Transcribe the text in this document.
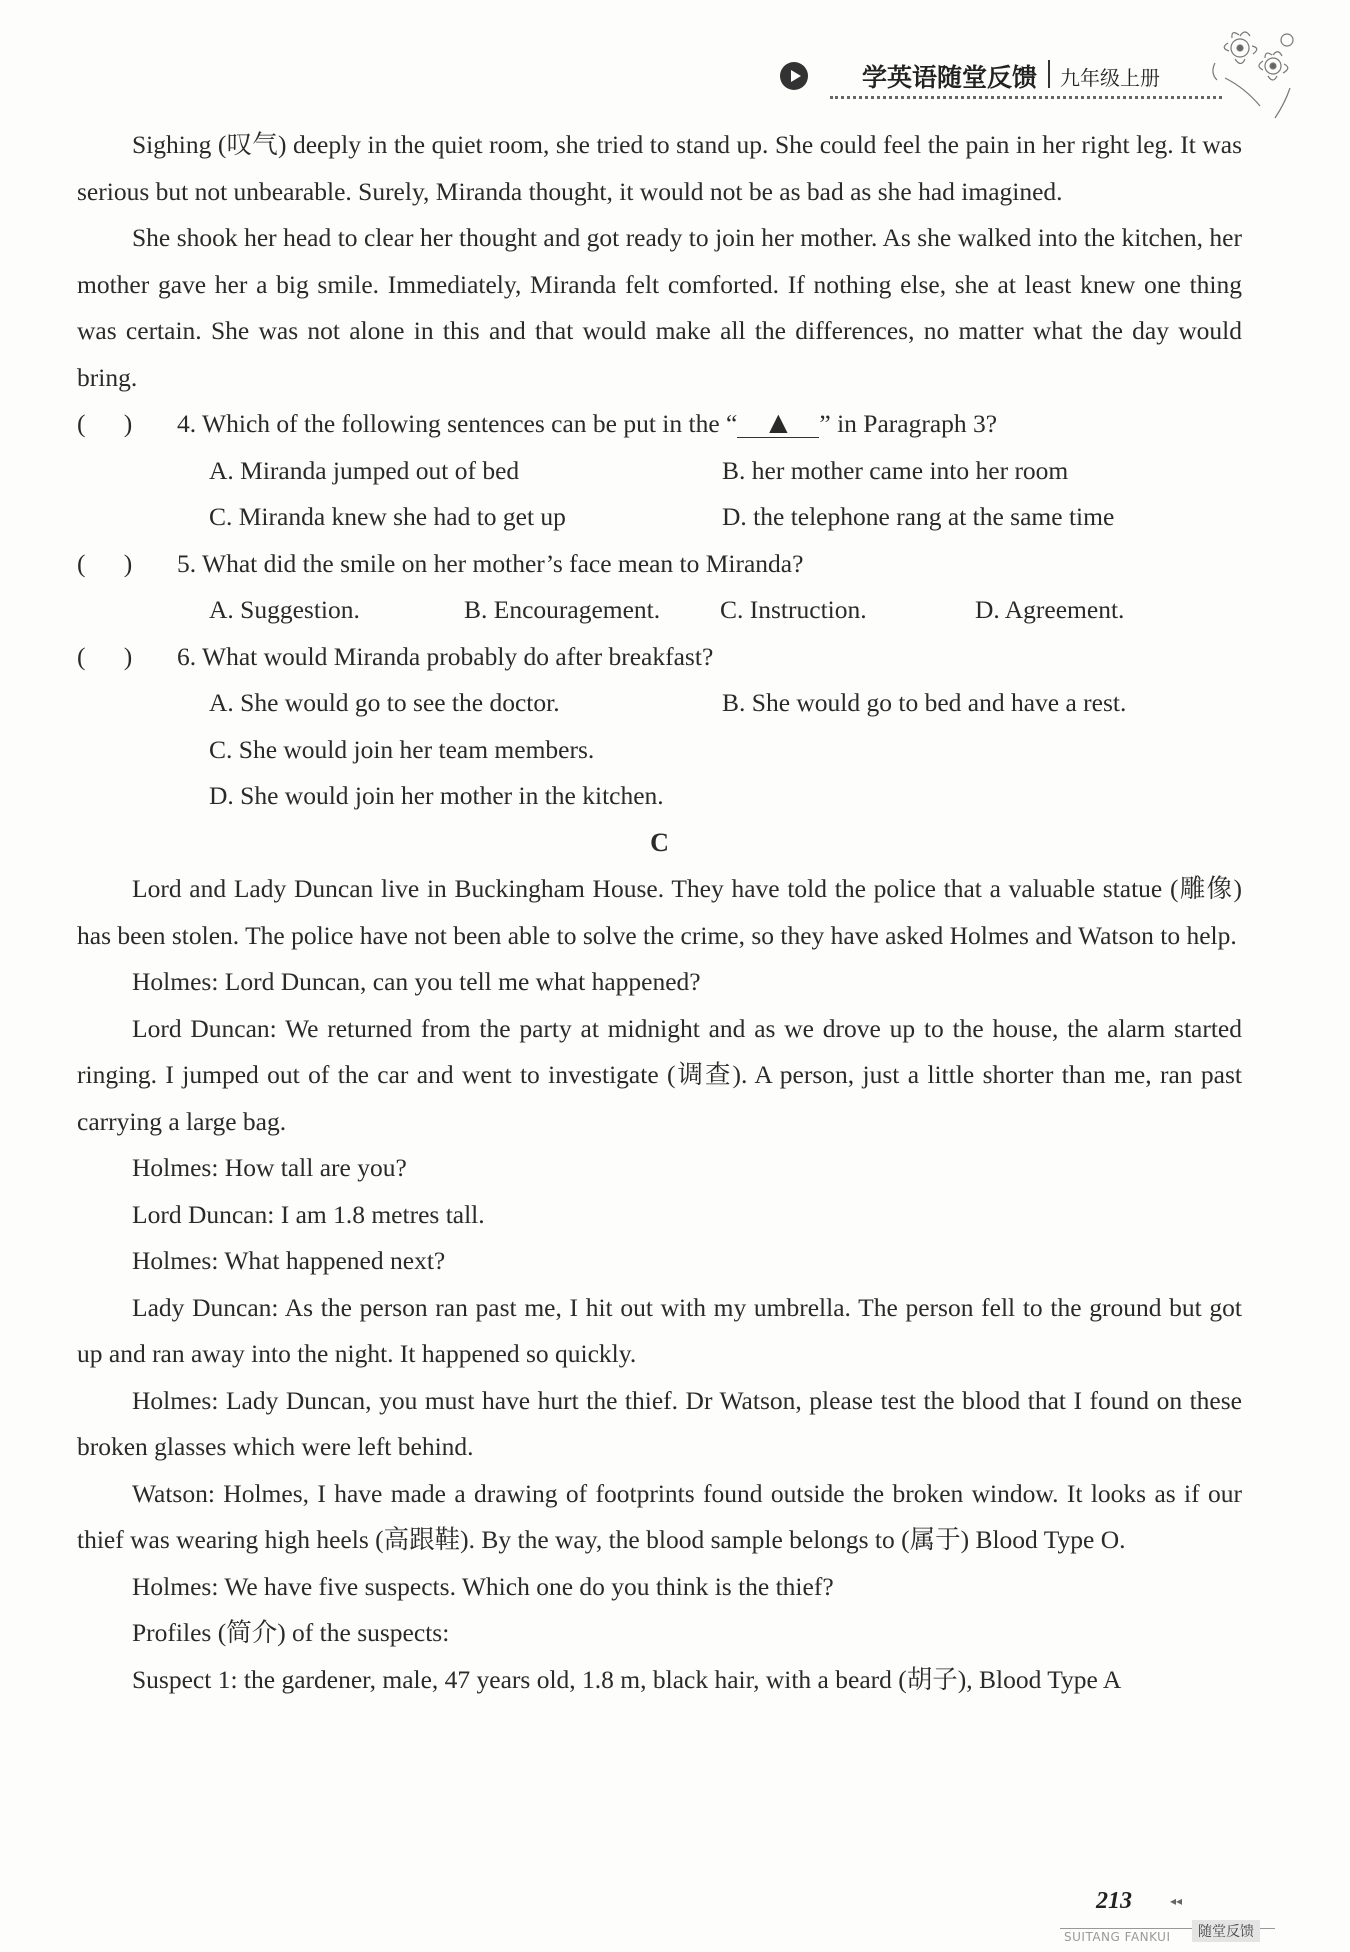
学英语随堂反馈 九年级上册

Sighing (叹气) deeply in the quiet room, she tried to stand up. She could feel the pain in her right leg. It was serious but not unbearable. Surely, Miranda thought, it would not be as bad as she had imagined.

She shook her head to clear her thought and got ready to join her mother. As she walked into the kitchen, her mother gave her a big smile. Immediately, Miranda felt comforted. If nothing else, she at least knew one thing was certain. She was not alone in this and that would make all the differences, no matter what the day would bring.

(      ) 4. Which of the following sentences can be put in the “ ▲ ” in Paragraph 3?

A. Miranda jumped out of bed	B. her mother came into her room
C. Miranda knew she had to get up	D. the telephone rang at the same time

(      ) 5. What did the smile on her mother’s face mean to Miranda?

A. Suggestion.	B. Encouragement. C. Instruction.	D. Agreement.

(      ) 6. What would Miranda probably do after breakfast?

A. She would go to see the doctor.	B. She would go to bed and have a rest.

C. She would join her team members.

D. She would join her mother in the kitchen.

C

Lord and Lady Duncan live in Buckingham House. They have told the police that a valuable statue (雕像) has been stolen. The police have not been able to solve the crime, so they have asked Holmes and Watson to help.

Holmes: Lord Duncan, can you tell me what happened?

Lord Duncan: We returned from the party at midnight and as we drove up to the house, the alarm started ringing. I jumped out of the car and went to investigate (调查). A person, just a little shorter than me, ran past carrying a large bag.

Holmes: How tall are you?

Lord Duncan: I am 1.8 metres tall.

Holmes: What happened next?

Lady Duncan: As the person ran past me, I hit out with my umbrella. The person fell to the ground but got up and ran away into the night. It happened so quickly.

Holmes: Lady Duncan, you must have hurt the thief. Dr Watson, please test the blood that I found on these broken glasses which were left behind.

Watson: Holmes, I have made a drawing of footprints found outside the broken window. It looks as if our thief was wearing high heels (高跟鞋). By the way, the blood sample belongs to (属于) Blood Type O.

Holmes: We have five suspects. Which one do you think is the thief?

Profiles (简介) of the suspects:

Suspect 1: the gardener, male, 47 years old, 1.8 m, black hair, with a beard (胡子), Blood Type A

213	◂◂
SUITANG FANKUI	随堂反馈
